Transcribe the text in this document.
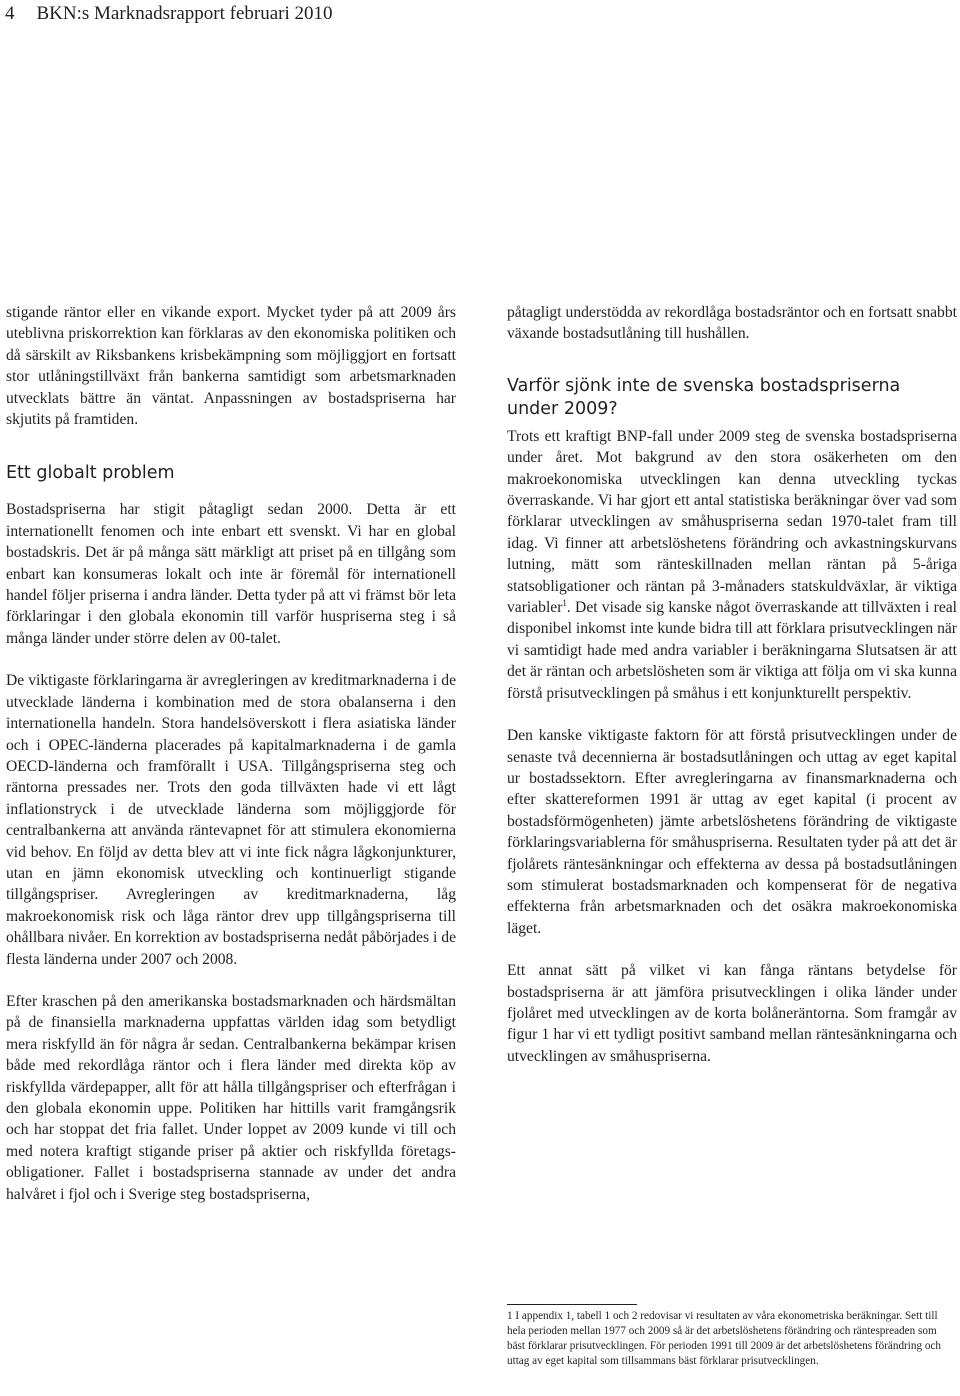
4 BKN:s Marknadsrapport februari 2010

stigande räntor eller en vikande export. Mycket tyder på att 2009 års uteblivna priskorrektion kan förklaras av den ekonomiska politiken och då särskilt av Riksbankens krisbekämpning som möjliggjort en fortsatt stor utlåningstillväxt från bankerna samtidigt som arbetsmarknaden utvecklats bättre än väntat. Anpassningen av bostadspriserna har skjutits på framtiden.

Ett globalt problem

Bostadspriserna har stigit påtagligt sedan 2000. Detta är ett internationellt fenomen och inte enbart ett svenskt. Vi har en global bostadskris. Det är på många sätt märkligt att priset på en tillgång som enbart kan konsumeras lokalt och inte är föremål för internationell handel följer priserna i andra länder. Detta tyder på att vi främst bör leta förklaringar i den globala ekonomin till varför huspriserna steg i så många länder under större delen av 00-talet.

De viktigaste förklaringarna är avregleringen av kreditmarknaderna i de utvecklade länderna i kombination med de stora obalanserna i den internationella handeln. Stora handelsöverskott i flera asiatiska länder och i OPEC-länderna placerades på kapitalmarknaderna i de gamla OECD-länderna och framförallt i USA. Tillgångspriserna steg och räntorna pressades ner. Trots den goda tillväxten hade vi ett lågt inflationstryck i de utvecklade länderna som möjliggjorde för centralbankerna att använda räntevapnet för att stimulera ekonomierna vid behov. En följd av detta blev att vi inte fick några lågkonjunkturer, utan en jämn ekonomisk utveckling och kontinuerligt stigande tillgångspriser. Avregleringen av kreditmarknaderna, låg makroekonomisk risk och låga räntor drev upp tillgångspriserna till ohållbara nivåer. En korrektion av bostadspriserna nedåt påbörjades i de flesta länderna under 2007 och 2008.

Efter kraschen på den amerikanska bostadsmarknaden och härdsmältan på de finansiella marknaderna uppfattas världen idag som betydligt mera riskfylld än för några år sedan. Centralbankerna bekämpar krisen både med rekordlåga räntor och i flera länder med direkta köp av riskfyllda värdepapper, allt för att hålla tillgångspriser och efterfrågan i den globala ekonomin uppe. Politiken har hittills varit framgångsrik och har stoppat det fria fallet. Under loppet av 2009 kunde vi till och med notera kraftigt stigande priser på aktier och riskfyllda företagsobligationer. Fallet i bostadspriserna stannade av under det andra halvåret i fjol och i Sverige steg bostadspriserna,

påtagligt understödda av rekordlåga bostadsräntor och en fortsatt snabbt växande bostadsutlåning till hushållen.

Varför sjönk inte de svenska bostadspriserna under 2009?

Trots ett kraftigt BNP-fall under 2009 steg de svenska bostadspriserna under året. Mot bakgrund av den stora osäkerheten om den makroekonomiska utvecklingen kan denna utveckling tyckas överraskande. Vi har gjort ett antal statistiska beräkningar över vad som förklarar utvecklingen av småhuspriserna sedan 1970-talet fram till idag. Vi finner att arbetslöshetens förändring och avkastningskurvans lutning, mätt som ränteskillnaden mellan räntan på 5-åriga statsobligationer och räntan på 3-månaders statskuldväxlar, är viktiga variabler$^1$. Det visade sig kanske något överraskande att tillväxten i real disponibel inkomst inte kunde bidra till att förklara prisutvecklingen när vi samtidigt hade med andra variabler i beräkningarna Slutsatsen är att det är räntan och arbetslösheten som är viktiga att följa om vi ska kunna förstå prisutvecklingen på småhus i ett konjunkturellt perspektiv.

Den kanske viktigaste faktorn för att förstå prisutvecklingen under de senaste två decennierna är bostadsutlåningen och uttag av eget kapital ur bostadssektorn. Efter avregleringarna av finansmarknaderna och efter skattereformen 1991 är uttag av eget kapital (i procent av bostadsförmögenheten) jämte arbetslöshetens förändring de viktigaste förklaringsvariablerna för småhuspriserna. Resultaten tyder på att det är fjolårets räntesänkningar och effekterna av dessa på bostadsutlåningen som stimulerat bostadsmarknaden och kompenserat för de negativa effekterna från arbetsmarknaden och det osäkra makroekonomiska läget.

Ett annat sätt på vilket vi kan fånga räntans betydelse för bostadspriserna är att jämföra prisutvecklingen i olika länder under fjolåret med utvecklingen av de korta bolåneräntorna. Som framgår av figur 1 har vi ett tydligt positivt samband mellan räntesänkningarna och utvecklingen av småhuspriserna.

1 I appendix 1, tabell 1 och 2 redovisar vi resultaten av våra ekonometriska beräkningar. Sett till hela perioden mellan 1977 och 2009 så är det arbetslöshetens förändring och räntespreaden som bäst förklarar prisutvecklingen. För perioden 1991 till 2009 är det arbetslöshetens förändring och uttag av eget kapital som tillsammans bäst förklarar prisutvecklingen.
